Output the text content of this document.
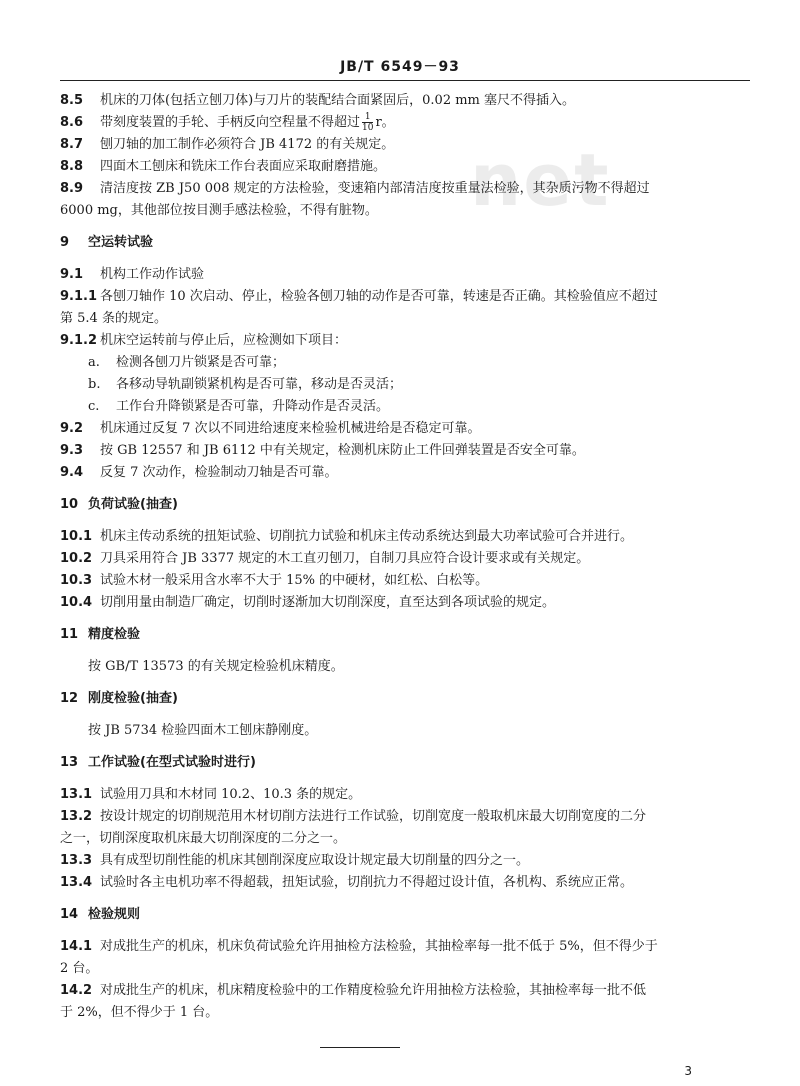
JB/T 6549－93
net

8.5 机床的刀体(包括立刨刀体)与刀片的装配结合面紧固后，0.02 mm 塞尺不得插入。

8.6 带刻度装置的手轮、手柄反向空程量不得超过 $\frac{1}{10}$ r。

8.7 刨刀轴的加工制作必须符合 JB 4172 的有关规定。

8.8 四面木工刨床和铣床工作台表面应采取耐磨措施。

8.9 清洁度按 ZB J50 008 规定的方法检验，变速箱内部清洁度按重量法检验，其杂质污物不得超过

6000 mg，其他部位按目测手感法检验，不得有脏物。

9 空运转试验

9.1 机构工作动作试验

9.1.1 各刨刀轴作 10 次启动、停止，检验各刨刀轴的动作是否可靠，转速是否正确。其检验值应不超过

第 5.4 条的规定。

9.1.2 机床空运转前与停止后，应检测如下项目：

a. 检测各刨刀片锁紧是否可靠；

b. 各移动导轨副锁紧机构是否可靠，移动是否灵活；

c. 工作台升降锁紧是否可靠，升降动作是否灵活。

9.2 机床通过反复 7 次以不同进给速度来检验机械进给是否稳定可靠。

9.3 按 GB 12557 和 JB 6112 中有关规定，检测机床防止工件回弹装置是否安全可靠。

9.4 反复 7 次动作，检验制动刀轴是否可靠。

10 负荷试验(抽查)

10.1 机床主传动系统的扭矩试验、切削抗力试验和机床主传动系统达到最大功率试验可合并进行。

10.2 刀具采用符合 JB 3377 规定的木工直刃刨刀，自制刀具应符合设计要求或有关规定。

10.3 试验木材一般采用含水率不大于 15% 的中硬材，如红松、白松等。

10.4 切削用量由制造厂确定，切削时逐渐加大切削深度，直至达到各项试验的规定。

11 精度检验

按 GB/T 13573 的有关规定检验机床精度。

12 刚度检验(抽查)

按 JB 5734 检验四面木工刨床静刚度。

13 工作试验(在型式试验时进行)

13.1 试验用刀具和木材同 10.2、10.3 条的规定。

13.2 按设计规定的切削规范用木材切削方法进行工作试验，切削宽度一般取机床最大切削宽度的二分

之一，切削深度取机床最大切削深度的二分之一。

13.3 具有成型切削性能的机床其刨削深度应取设计规定最大切削量的四分之一。

13.4 试验时各主电机功率不得超载，扭矩试验，切削抗力不得超过设计值，各机构、系统应正常。

14 检验规则

14.1 对成批生产的机床，机床负荷试验允许用抽检方法检验，其抽检率每一批不低于 5%，但不得少于

2 台。

14.2 对成批生产的机床，机床精度检验中的工作精度检验允许用抽检方法检验，其抽检率每一批不低

于 2%，但不得少于 1 台。

3
